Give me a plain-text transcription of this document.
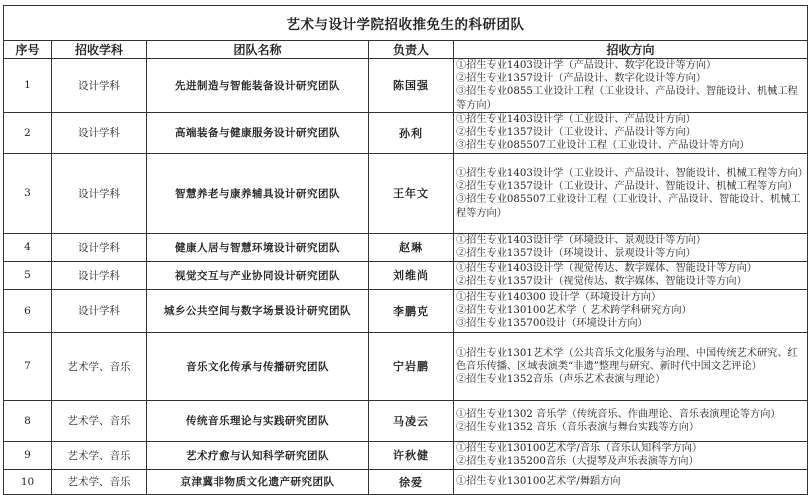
艺术与设计学院招收推免生的科研团队				
序号	招收学科	团队名称	负责人	招收方向
1	设计学科	先进制造与智能装备设计研究团队	陈国强	①招生专业1403设计学（产品设计、数字化设计等方向）
②招生专业1357设计（产品设计、数字化设计等方向）
③招生专业0855工业设计工程（工业设计、产品设计、智能设计、机械工程等方向）

2	设计学科	高端装备与健康服务设计研究团队	孙利	①招生专业1403设计学（工业设计、产品设计方向）
②招生专业1357设计（工业设计、产品设计等方向）
③招生专业085507工业设计工程（工业设计、产品设计等方向）

3	设计学科	智慧养老与康养辅具设计研究团队	王年文	①招生专业1403设计学（工业设计、产品设计、智能设计、机械工程等方向）
②招生专业1357设计（工业设计、产品设计、智能设计、机械工程等方向）
③招生专业085507工业设计工程（工业设计、产品设计、智能设计、机械工程等方向）

4	设计学科	健康人居与智慧环境设计研究团队	赵琳	①招生专业1403设计学（环境设计、景观设计等方向）
②招生专业1357设计（环境设计、景观设计等方向）

5	设计学科	视觉交互与产业协同设计研究团队	刘维尚	①招生专业1403设计学（视觉传达、数字媒体、智能设计等方向）
②招生专业1357设计（视觉传达、数字媒体、智能设计等方向）

6	设计学科	城乡公共空间与数字场景设计研究团队	李鹏克	①招生专业140300 设计学（环境设计方向）
②招生专业130100艺术学（ 艺术跨学科研究方向）
③招生专业135700设计（环境设计方向）

7	艺术学、音乐	音乐文化传承与传播研究团队	宁岩鹏	①招生专业1301艺术学（公共音乐文化服务与治理、中国传统艺术研究、红色音乐传播、区域表演类“非遗”整理与研究、新时代中国文艺评论）
②招生专业1352音乐（声乐艺术表演与理论）

8	艺术学、音乐	传统音乐理论与实践研究团队	马凌云	①招生专业1302 音乐学（传统音乐、作曲理论、音乐表演理论等方向）
②招生专业1352 音乐（音乐表演与舞台实践等方向）

9	艺术学、音乐	艺术疗愈与认知科学研究团队	许秋健	①招生专业130100艺术学/音乐（音乐认知科学方向）
②招生专业135200音乐（大提琴及声乐表演等方向）

10	艺术学、音乐	京津冀非物质文化遗产研究团队	徐爱	①招生专业130100艺术学/舞蹈方向
